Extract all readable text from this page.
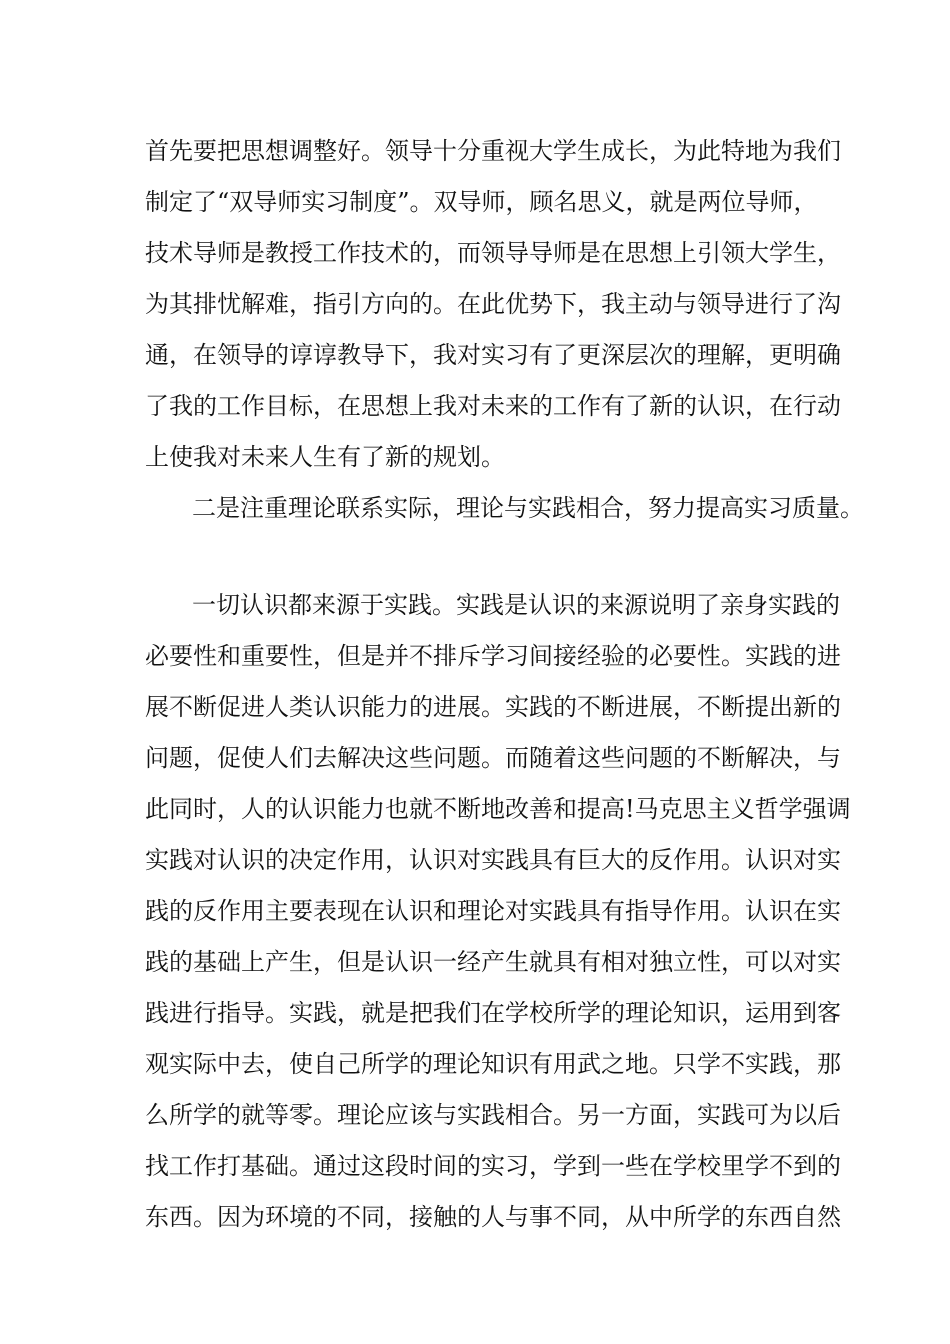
首先要把思想调整好。领导十分重视大学生成长，为此特地为我们
制定了“双导师实习制度”。双导师，顾名思义，就是两位导师，
技术导师是教授工作技术的，而领导导师是在思想上引领大学生，
为其排忧解难，指引方向的。在此优势下，我主动与领导进行了沟
通，在领导的谆谆教导下，我对实习有了更深层次的理解，更明确
了我的工作目标，在思想上我对未来的工作有了新的认识，在行动
上使我对未来人生有了新的规划。
二是注重理论联系实际，理论与实践相合，努力提高实习质量。
一切认识都来源于实践。实践是认识的来源说明了亲身实践的
必要性和重要性，但是并不排斥学习间接经验的必要性。实践的进
展不断促进人类认识能力的进展。实践的不断进展，不断提出新的
问题，促使人们去解决这些问题。而随着这些问题的不断解决，与
此同时，人的认识能力也就不断地改善和提高!马克思主义哲学强调
实践对认识的决定作用，认识对实践具有巨大的反作用。认识对实
践的反作用主要表现在认识和理论对实践具有指导作用。认识在实
践的基础上产生，但是认识一经产生就具有相对独立性，可以对实
践进行指导。实践，就是把我们在学校所学的理论知识，运用到客
观实际中去，使自己所学的理论知识有用武之地。只学不实践，那
么所学的就等零。理论应该与实践相合。另一方面，实践可为以后
找工作打基础。通过这段时间的实习，学到一些在学校里学不到的
东西。因为环境的不同，接触的人与事不同，从中所学的东西自然
